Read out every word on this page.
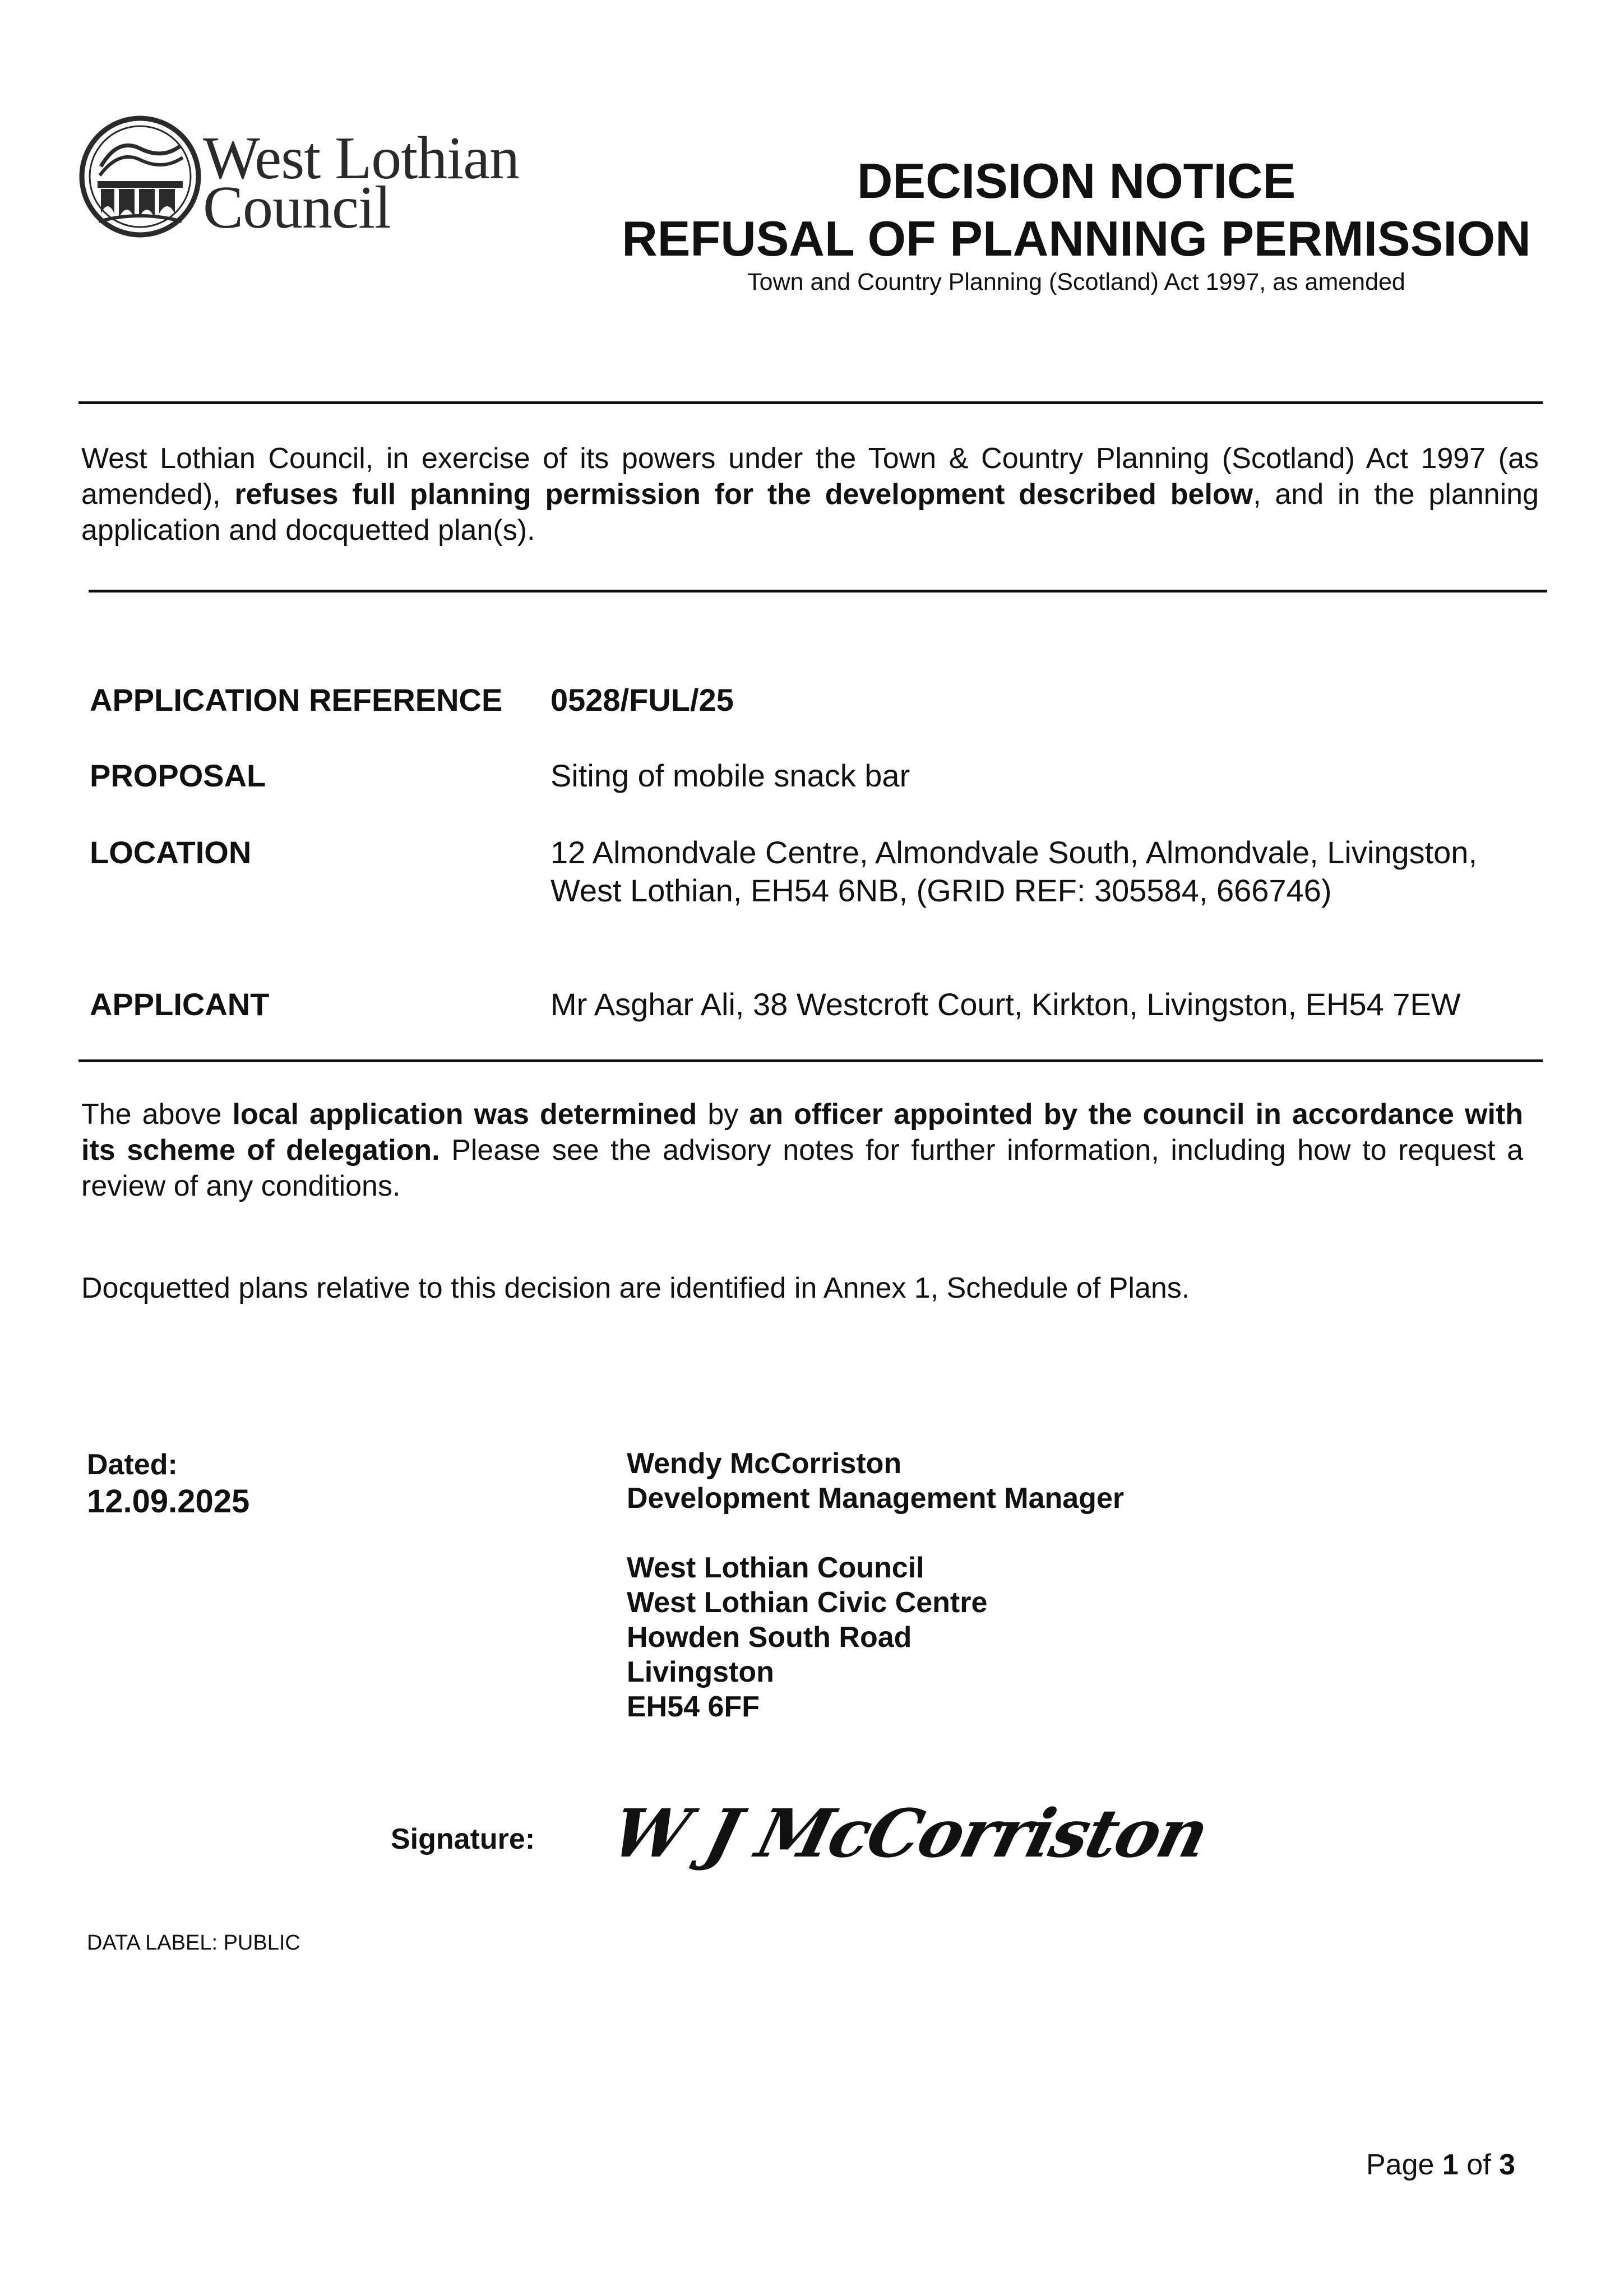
West Lothian
Council	DECISION NOTICE
REFUSAL OF PLANNING PERMISSION
Town and Country Planning (Scotland) Act 1997, as amended
West Lothian Council, in exercise of its powers under the Town & Country Planning (Scotland) Act 1997 (as amended), refuses full planning permission for the development described below, and in the planning application and docquetted plan(s).
APPLICATION REFERENCE 0528/FUL/25
PROPOSAL	Siting of mobile snack bar
LOCATION	12 Almondvale Centre, Almondvale South, Almondvale, Livingston, West Lothian, EH54 6NB, (GRID REF: 305584, 666746)
APPLICANT	Mr Asghar Ali, 38 Westcroft Court, Kirkton, Livingston, EH54 7EW
The above local application was determined by an officer appointed by the council in accordance with its scheme of delegation. Please see the advisory notes for further information, including how to request a review of any conditions.
Docquetted plans relative to this decision are identified in Annex 1, Schedule of Plans.
Dated:
12.09.2025
Wendy McCorriston
Development Management Manager
West Lothian Council
West Lothian Civic Centre
Howden South Road
Livingston
EH54 6FF
Signature: W J McCorriston
DATA LABEL: PUBLIC
Page 1 of 3
